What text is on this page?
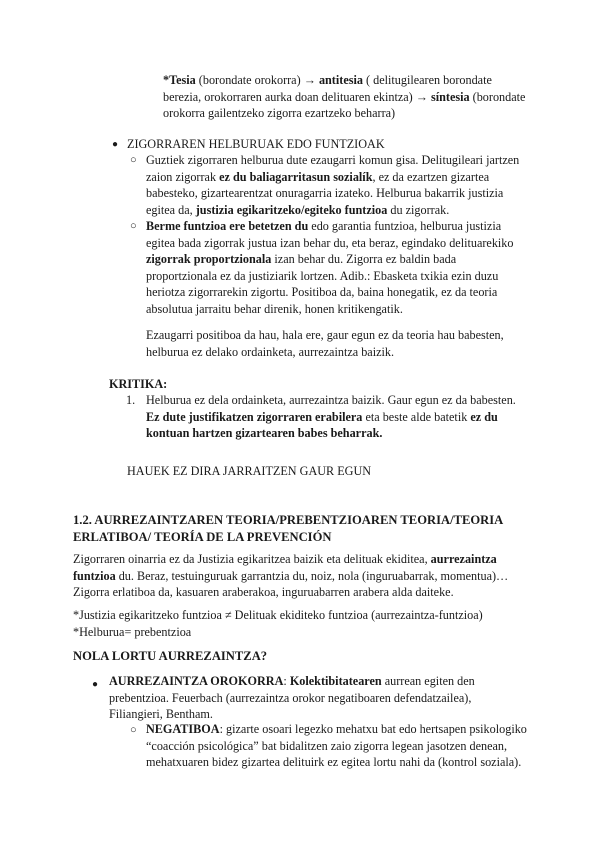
*Tesia (borondate orokorra) → antitesia ( delitugilearen borondate berezia, orokorraren aurka doan delituaren ekintza) → síntesia (borondate orokorra gailentzeko zigorra ezartzeko beharra)

● ZIGORRAREN HELBURUAK EDO FUNTZIOAK

○ Guztiek zigorraren helburua dute ezaugarri komun gisa. Delitugileari jartzen zaion zigorrak ez du baliagarritasun sozialík, ez da ezartzen gizartea babesteko, gizartearentzat onuragarria izateko. Helburua bakarrik justizia egitea da, justizia egikaritzeko/egiteko funtzioa du zigorrak.

○ Berme funtzioa ere betetzen du edo garantia funtzioa, helburua justizia egitea bada zigorrak justua izan behar du, eta beraz, egindako delituarekiko zigorrak proportzionala izan behar du. Zigorra ez baldin bada proportzionala ez da justiziarik lortzen. Adib.: Ebasketa txikia ezin duzu heriotza zigorrarekin zigortu. Positiboa da, baina honegatik, ez da teoria absolutua jarraitu behar direnik, honen kritikengatik.

Ezaugarri positiboa da hau, hala ere, gaur egun ez da teoria hau babesten, helburua ez delako ordainketa, aurrezaintza baizik.

KRITIKA:

1. Helburua ez dela ordainketa, aurrezaintza baizik. Gaur egun ez da babesten. Ez dute justifikatzen zigorraren erabilera eta beste alde batetik ez du kontuan hartzen gizartearen babes beharrak.

HAUEK EZ DIRA JARRAITZEN GAUR EGUN

1.2. AURREZAINTZAREN TEORIA/PREBENTZIOAREN TEORIA/TEORIA ERLATIBOA/ TEORÍA DE LA PREVENCIÓN

Zigorraren oinarria ez da Justizia egikaritzea baizik eta delituak ekiditea, aurrezaintza funtzioa du. Beraz, testuinguruak garrantzia du, noiz, nola (inguruabarrak, momentua)… Zigorra erlatiboa da, kasuaren araberakoa, inguruabarren arabera alda daiteke.

*Justizia egikaritzeko funtzioa ≠ Delituak ekiditeko funtzioa (aurrezaintza-funtzioa)

*Helburua= prebentzioa

NOLA LORTU AURREZAINTZA?

● AURREZAINTZA OROKORRA: Kolektibitatearen aurrean egiten den prebentzioa. Feuerbach (aurrezaintza orokor negatiboaren defendatzailea), Filiangieri, Bentham.

○ NEGATIBOA: gizarte osoari legezko mehatxu bat edo hertsapen psikologiko “coacción psicológica” bat bidalitzen zaio zigorra legean jasotzen denean, mehatxuaren bidez gizartea delituirk ez egitea lortu nahi da (kontrol soziala).
